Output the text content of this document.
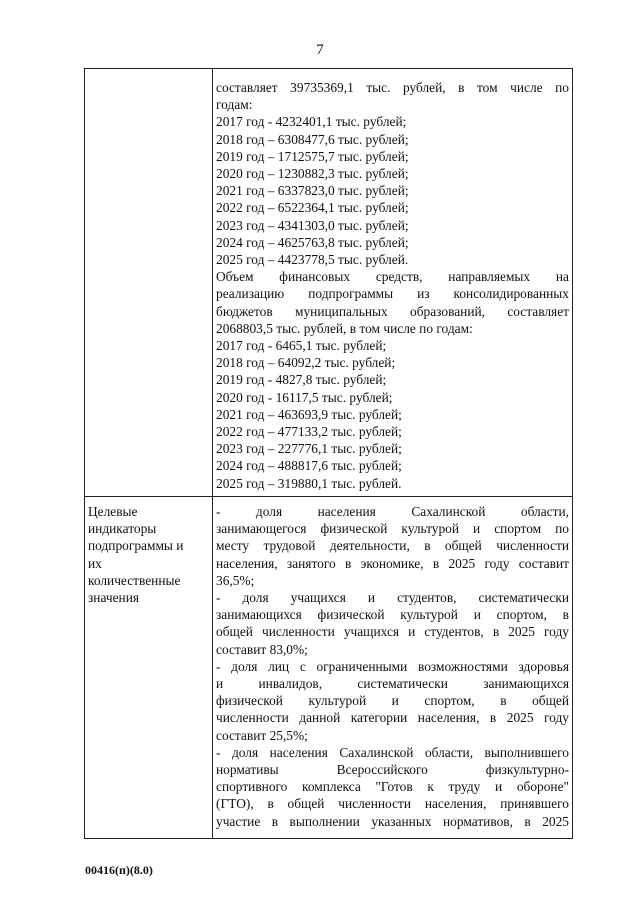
7

составляет 39735369,1 тыс. рублей, в том числе по

годам:

2017 год - 4232401,1 тыс. рублей;

2018 год – 6308477,6 тыс. рублей;

2019 год – 1712575,7 тыс. рублей;

2020 год – 1230882,3 тыс. рублей;

2021 год – 6337823,0 тыс. рублей;

2022 год – 6522364,1 тыс. рублей;

2023 год – 4341303,0 тыс. рублей;

2024 год – 4625763,8 тыс. рублей;

2025 год – 4423778,5 тыс. рублей.

Объем финансовых средств, направляемых на

реализацию подпрограммы из консолидированных

бюджетов муниципальных образований, составляет

2068803,5 тыс. рублей, в том числе по годам:

2017 год - 6465,1 тыс. рублей;

2018 год – 64092,2 тыс. рублей;

2019 год - 4827,8 тыс. рублей;

2020 год - 16117,5 тыс. рублей;

2021 год – 463693,9 тыс. рублей;

2022 год – 477133,2 тыс. рублей;

2023 год – 227776,1 тыс. рублей;

2024 год – 488817,6 тыс. рублей;

2025 год – 319880,1 тыс. рублей.

Целевые
индикаторы
подпрограммы и
их
количественные
значения

- доля населения Сахалинской области,

занимающегося физической культурой и спортом по

месту трудовой деятельности, в общей численности

населения, занятого в экономике, в 2025 году составит

36,5%;

- доля учащихся и студентов, систематически

занимающихся физической культурой и спортом, в

общей численности учащихся и студентов, в 2025 году

составит 83,0%;

- доля лиц с ограниченными возможностями здоровья

и инвалидов, систематически занимающихся

физической культурой и спортом, в общей

численности данной категории населения, в 2025 году

составит 25,5%;

- доля населения Сахалинской области, выполнившего

нормативы Всероссийского физкультурно-

спортивного комплекса "Готов к труду и обороне"

(ГТО), в общей численности населения, принявшего

участие в выполнении указанных нормативов, в 2025

00416(п)(8.0)
